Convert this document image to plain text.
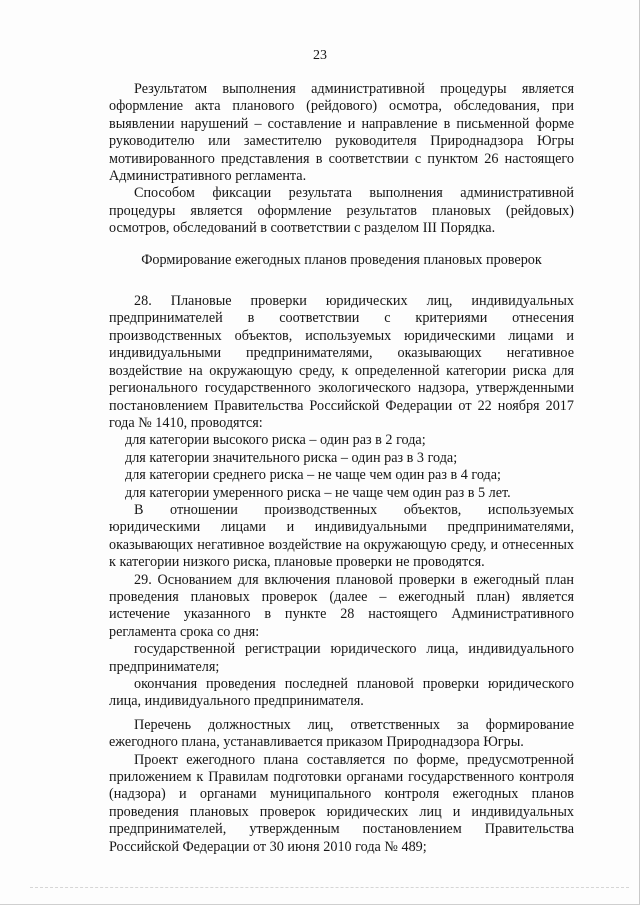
23

Результатом выполнения административной процедуры является оформление акта планового (рейдового) осмотра, обследования, при выявлении нарушений – составление и направление в письменной форме руководителю или заместителю руководителя Природнадзора Югры мотивированного представления в соответствии с пунктом 26 настоящего Административного регламента.

Способом фиксации результата выполнения административной процедуры является оформление результатов плановых (рейдовых) осмотров, обследований в соответствии с разделом III Порядка.

Формирование ежегодных планов проведения плановых проверок

28. Плановые проверки юридических лиц, индивидуальных предпринимателей в соответствии с критериями отнесения производственных объектов, используемых юридическими лицами и индивидуальными предпринимателями, оказывающих негативное воздействие на окружающую среду, к определенной категории риска для регионального государственного экологического надзора, утвержденными постановлением Правительства Российской Федерации от 22 ноября 2017 года № 1410, проводятся:

для категории высокого риска – один раз в 2 года;

для категории значительного риска – один раз в 3 года;

для категории среднего риска – не чаще чем один раз в 4 года;

для категории умеренного риска – не чаще чем один раз в 5 лет.

В отношении производственных объектов, используемых юридическими лицами и индивидуальными предпринимателями, оказывающих негативное воздействие на окружающую среду, и отнесенных к категории низкого риска, плановые проверки не проводятся.

29. Основанием для включения плановой проверки в ежегодный план проведения плановых проверок (далее – ежегодный план) является истечение указанного в пункте 28 настоящего Административного регламента срока со дня:

государственной регистрации юридического лица, индивидуального предпринимателя;

окончания проведения последней плановой проверки юридического лица, индивидуального предпринимателя.

Перечень должностных лиц, ответственных за формирование ежегодного плана, устанавливается приказом Природнадзора Югры.

Проект ежегодного плана составляется по форме, предусмотренной приложением к Правилам подготовки органами государственного контроля (надзора) и органами муниципального контроля ежегодных планов проведения плановых проверок юридических лиц и индивидуальных предпринимателей, утвержденным постановлением Правительства Российской Федерации от 30 июня 2010 года № 489;
